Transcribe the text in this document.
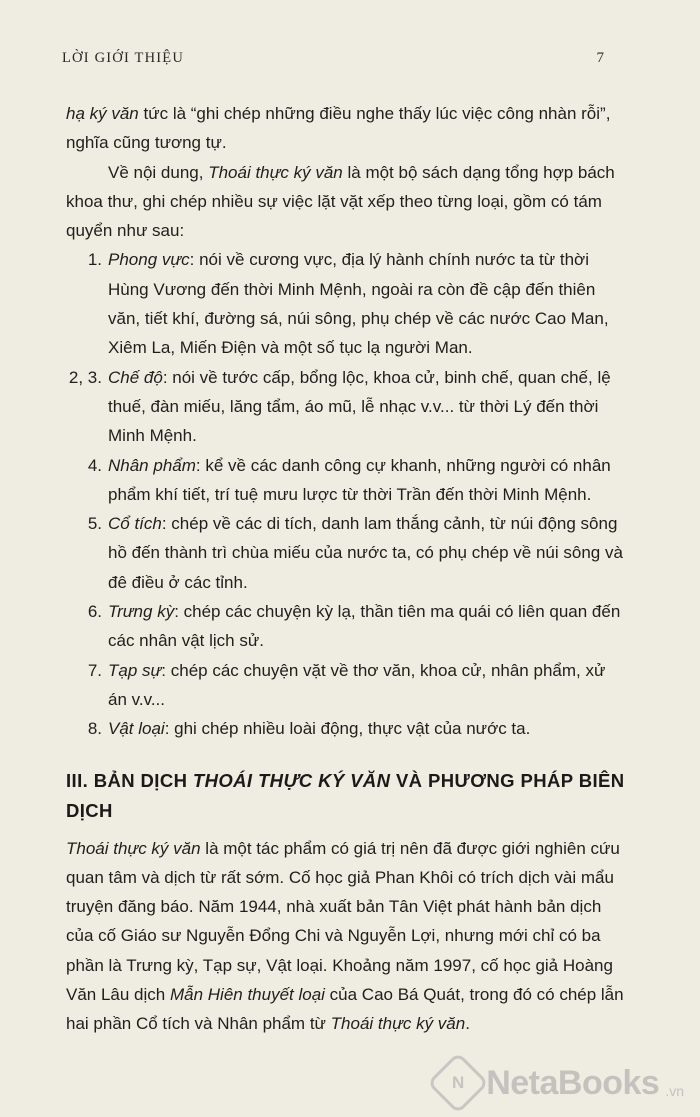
LỜI GIỚI THIỆU	7

hạ ký văn tức là “ghi chép những điều nghe thấy lúc việc công nhàn rỗi”, nghĩa cũng tương tự.

Về nội dung, Thoái thực ký văn là một bộ sách dạng tổng hợp bách khoa thư, ghi chép nhiều sự việc lặt vặt xếp theo từng loại, gồm có tám quyển như sau:

1. Phong vực: nói về cương vực, địa lý hành chính nước ta từ thời Hùng Vương đến thời Minh Mệnh, ngoài ra còn đề cập đến thiên văn, tiết khí, đường sá, núi sông, phụ chép về các nước Cao Man, Xiêm La, Miến Điện và một số tục lạ người Man.
2, 3. Chế độ: nói về tước cấp, bổng lộc, khoa cử, binh chế, quan chế, lệ thuế, đàn miếu, lăng tẩm, áo mũ, lễ nhạc v.v... từ thời Lý đến thời Minh Mệnh.
4. Nhân phẩm: kể về các danh công cự khanh, những người có nhân phẩm khí tiết, trí tuệ mưu lược từ thời Trần đến thời Minh Mệnh.
5. Cổ tích: chép về các di tích, danh lam thắng cảnh, từ núi động sông hồ đến thành trì chùa miếu của nước ta, có phụ chép về núi sông và đê điều ở các tỉnh.
6. Trưng kỳ: chép các chuyện kỳ lạ, thần tiên ma quái có liên quan đến các nhân vật lịch sử.
7. Tạp sự: chép các chuyện vặt về thơ văn, khoa cử, nhân phẩm, xử án v.v...
8. Vật loại: ghi chép nhiều loài động, thực vật của nước ta.
III. BẢN DỊCH THOÁI THỰC KÝ VĂN VÀ PHƯƠNG PHÁP BIÊN DỊCH

Thoái thực ký văn là một tác phẩm có giá trị nên đã được giới nghiên cứu quan tâm và dịch từ rất sớm. Cố học giả Phan Khôi có trích dịch vài mẩu truyện đăng báo. Năm 1944, nhà xuất bản Tân Việt phát hành bản dịch của cố Giáo sư Nguyễn Đổng Chi và Nguyễn Lợi, nhưng mới chỉ có ba phần là Trưng kỳ, Tạp sự, Vật loại. Khoảng năm 1997, cố học giả Hoàng Văn Lâu dịch Mẫn Hiên thuyết loại của Cao Bá Quát, trong đó có chép lẫn hai phần Cổ tích và Nhân phẩm từ Thoái thực ký văn.

N NetaBooks .vn
